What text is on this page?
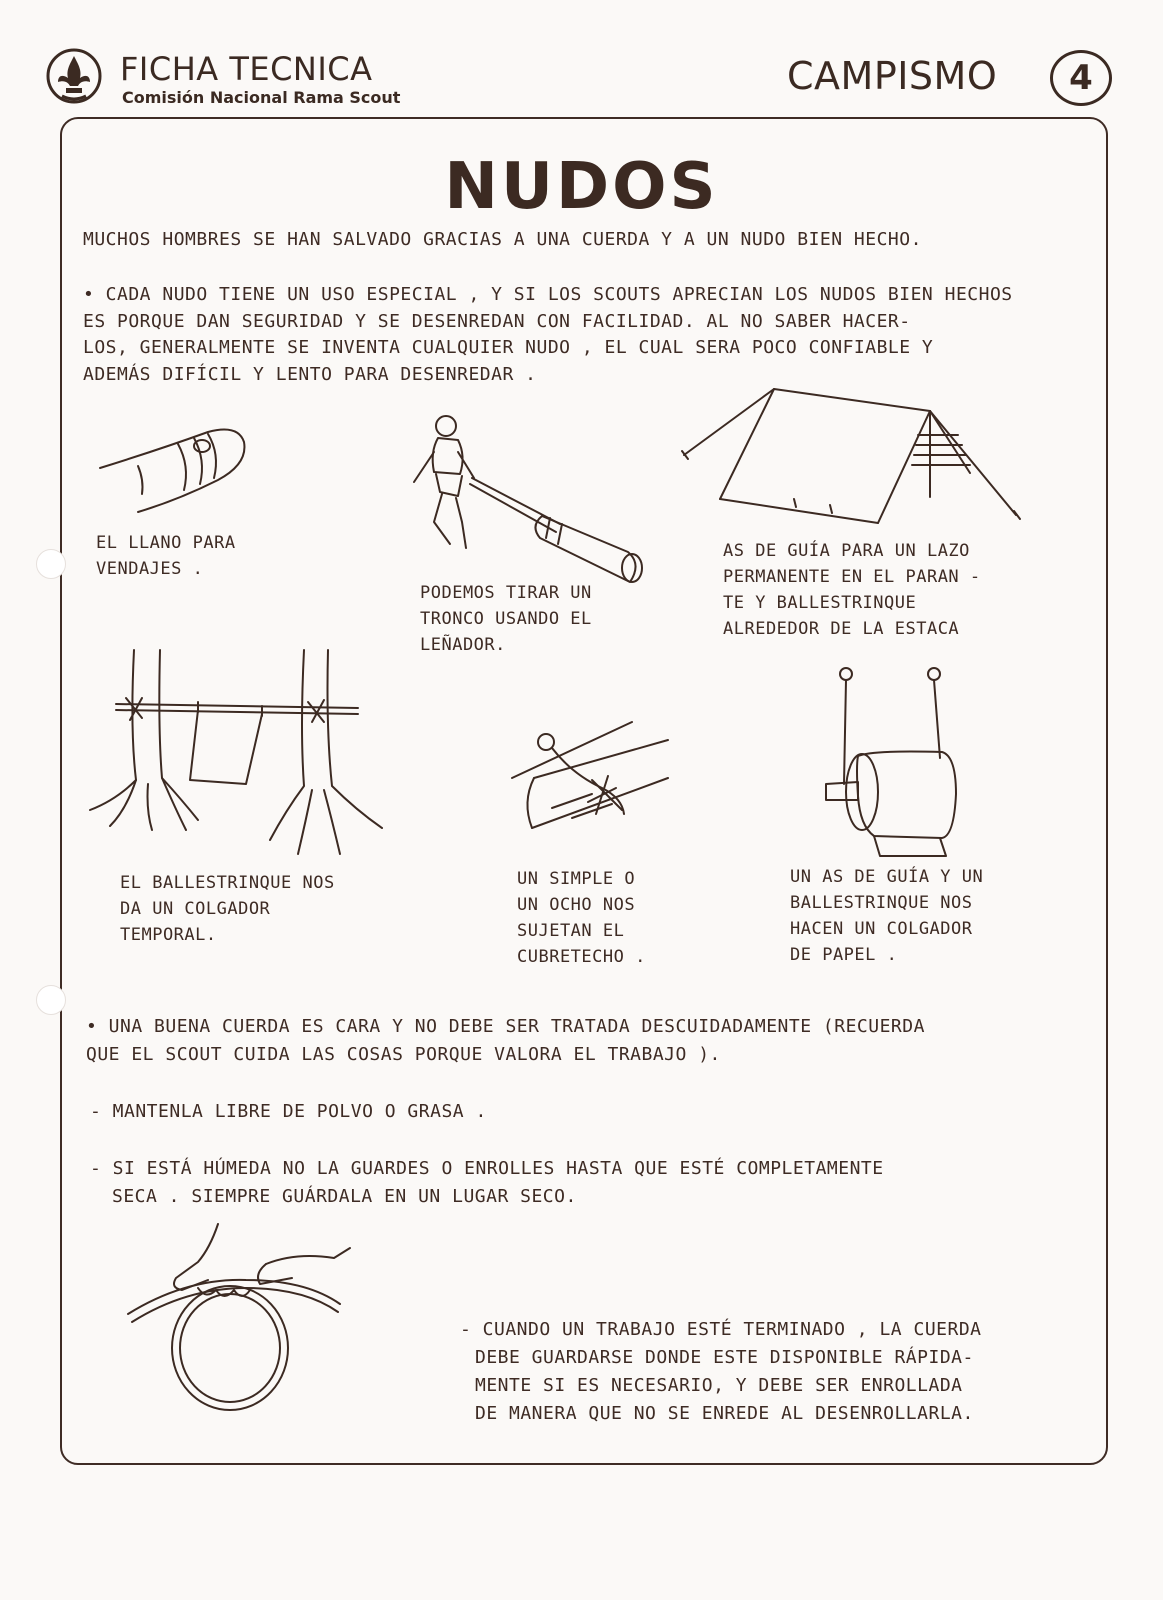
FICHA TECNICA
Comisión Nacional Rama Scout	CAMPISMO	4
NUDOS
MUCHOS HOMBRES SE HAN SALVADO GRACIAS A UNA CUERDA Y A UN NUDO BIEN HECHO.
• CADA NUDO TIENE UN USO ESPECIAL , Y SI LOS SCOUTS APRECIAN LOS NUDOS BIEN HECHOS
ES PORQUE DAN SEGURIDAD Y SE DESENREDAN CON FACILIDAD. AL NO SABER HACER-
LOS, GENERALMENTE SE INVENTA CUALQUIER NUDO , EL CUAL SERA POCO CONFIABLE Y
ADEMÁS DIFÍCIL Y LENTO PARA DESENREDAR .
EL LLANO PARA
VENDAJES .
PODEMOS TIRAR UN
TRONCO USANDO EL
LEÑADOR.
AS DE GUÍA PARA UN LAZO
PERMANENTE EN EL PARAN -
TE Y BALLESTRINQUE
ALREDEDOR DE LA ESTACA
EL BALLESTRINQUE NOS
DA UN COLGADOR
TEMPORAL.
UN SIMPLE O
UN OCHO NOS
SUJETAN EL
CUBRETECHO .
UN AS DE GUÍA Y UN
BALLESTRINQUE NOS
HACEN UN COLGADOR
DE PAPEL .
• UNA BUENA CUERDA ES CARA Y NO DEBE SER TRATADA DESCUIDADAMENTE (RECUERDA
QUE EL SCOUT CUIDA LAS COSAS PORQUE VALORA EL TRABAJO ).
- MANTENLA LIBRE DE POLVO O GRASA .
- SI ESTÁ HÚMEDA NO LA GUARDES O ENROLLES HASTA QUE ESTÉ COMPLETAMENTE
SECA . SIEMPRE GUÁRDALA EN UN LUGAR SECO.
- CUANDO UN TRABAJO ESTÉ TERMINADO , LA CUERDA
DEBE GUARDARSE DONDE ESTE DISPONIBLE RÁPIDA-
MENTE SI ES NECESARIO, Y DEBE SER ENROLLADA
DE MANERA QUE NO SE ENREDE AL DESENROLLARLA.
